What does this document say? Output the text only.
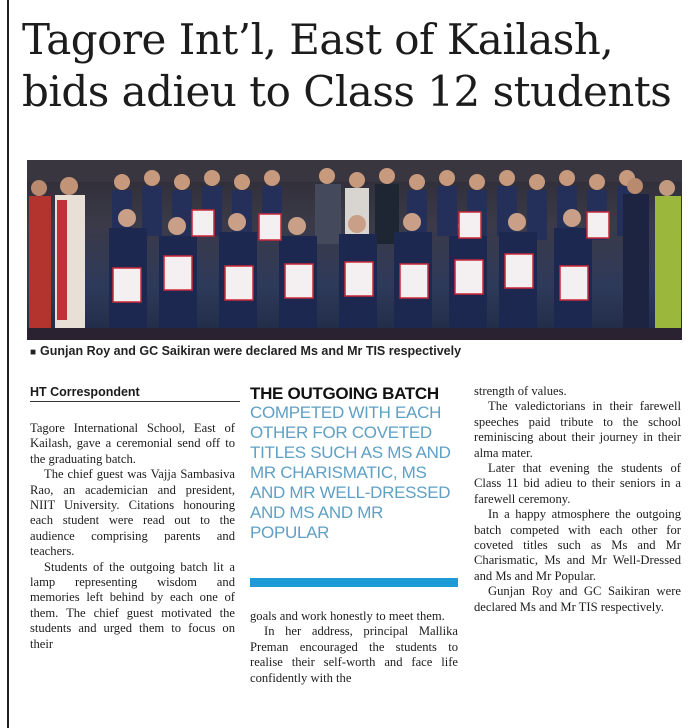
Tagore Int’l, East of Kailash,
bids adieu to Class 12 students
■ Gunjan Roy and GC Saikiran were declared Ms and Mr TIS respectively
HT Correspondent

Tagore International School, East of Kailash, gave a ceremonial send off to the graduating batch.

The chief guest was Vajja Sambasiva Rao, an academician and president, NIIT University. Citations honouring each student were read out to the audience comprising parents and teachers.

Students of the outgoing batch lit a lamp representing wisdom and memories left behind by each one of them. The chief guest motivated the students and urged them to focus on their

THE OUTGOING BATCH
COMPETED WITH EACH OTHER FOR COVETED TITLES SUCH AS MS AND MR CHARISMATIC, MS AND MR WELL-DRESSED AND MS AND MR POPULAR

goals and work honestly to meet them.

In her address, principal Mallika Preman encouraged the students to realise their self-worth and face life confidently with the

strength of values.

The valedictorians in their farewell speeches paid tribute to the school reminiscing about their journey in their alma mater.

Later that evening the students of Class 11 bid adieu to their seniors in a farewell ceremony.

In a happy atmosphere the outgoing batch competed with each other for coveted titles such as Ms and Mr Charismatic, Ms and Mr Well-Dressed and Ms and Mr Popular.

Gunjan Roy and GC Saikiran were declared Ms and Mr TIS respectively.
